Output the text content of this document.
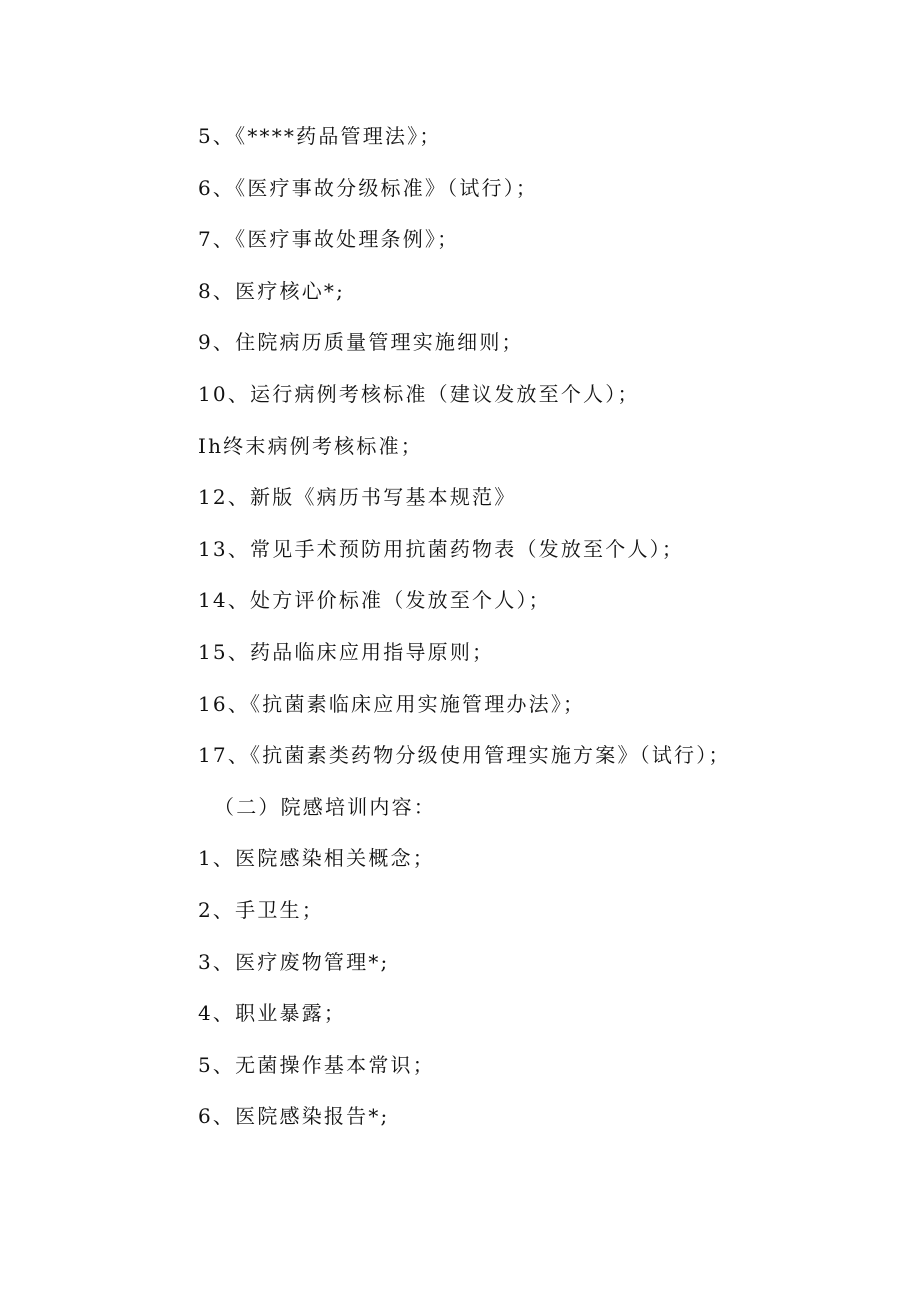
5、《****药品管理法》；
6、《医疗事故分级标准》（试行）；
7、《医疗事故处理条例》；
8、医疗核心*;
9、住院病历质量管理实施细则；
10、运行病例考核标准（建议发放至个人）；
Ih终末病例考核标准；
12、新版《病历书写基本规范》
13、常见手术预防用抗菌药物表（发放至个人）；
14、处方评价标准（发放至个人）；
15、药品临床应用指导原则；
16、《抗菌素临床应用实施管理办法》；
17、《抗菌素类药物分级使用管理实施方案》（试行）；
（二）院感培训内容：
1、医院感染相关概念；
2、手卫生；
3、医疗废物管理*;
4、职业暴露；
5、无菌操作基本常识；
6、医院感染报告*;
